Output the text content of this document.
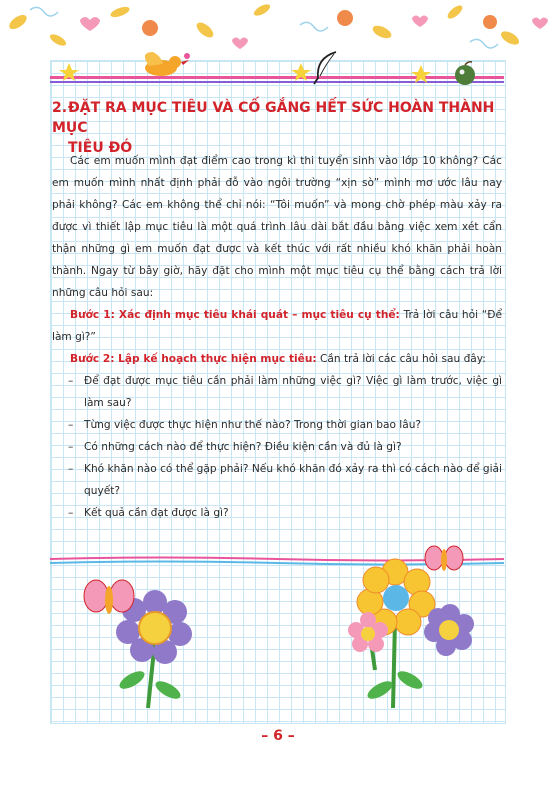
2.ĐẶT RA MỤC TIÊU VÀ CỐ GẮNG HẾT SỨC HOÀN THÀNH MỤC
TIÊU ĐÓ

Các em muốn mình đạt điểm cao trong kì thi tuyển sinh vào lớp 10 không? Các em muốn mình nhất định phải đỗ vào ngôi trường “xịn sò” mình mơ ước lâu nay phải không? Các em không thể chỉ nói: “Tôi muốn” và mong chờ phép màu xảy ra được vì thiết lập mục tiêu là một quá trình lâu dài bắt đầu bằng việc xem xét cẩn thận những gì em muốn đạt được và kết thúc với rất nhiều khó khăn phải hoàn thành. Ngay từ bây giờ, hãy đặt cho mình một mục tiêu cụ thể bằng cách trả lời những câu hỏi sau:

Bước 1: Xác định mục tiêu khái quát – mục tiêu cụ thể: Trả lời câu hỏi “Để làm gì?”

Bước 2: Lập kế hoạch thực hiện mục tiêu: Cần trả lời các câu hỏi sau đây:

– Để đạt được mục tiêu cần phải làm những việc gì? Việc gì làm trước, việc gì làm sau?
– Từng việc được thực hiện như thế nào? Trong thời gian bao lâu?
– Có những cách nào để thực hiện? Điều kiện cần và đủ là gì?
– Khó khăn nào có thể gặp phải? Nếu khó khăn đó xảy ra thì có cách nào để giải quyết?
– Kết quả cần đạt được là gì?
– 6 –
